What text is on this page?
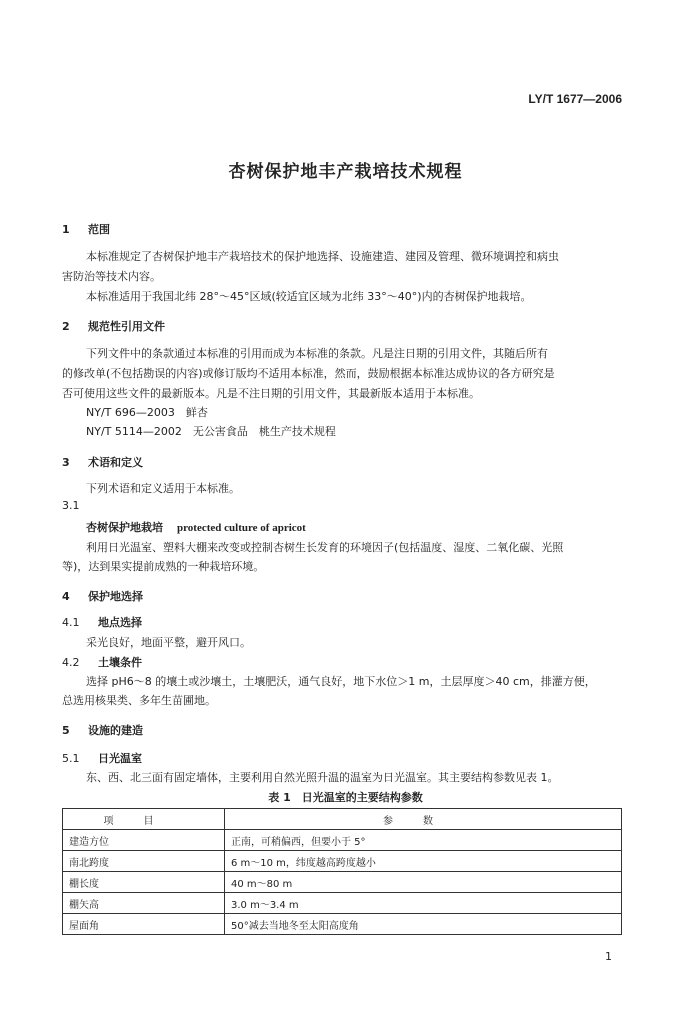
LY/T 1677—2006
杏树保护地丰产栽培技术规程
1 范围
本标准规定了杏树保护地丰产栽培技术的保护地选择、设施建造、建园及管理、微环境调控和病虫
害防治等技术内容。
本标准适用于我国北纬 28°～45°区域(较适宜区域为北纬 33°～40°)内的杏树保护地栽培。
2 规范性引用文件
下列文件中的条款通过本标准的引用而成为本标准的条款。凡是注日期的引用文件，其随后所有
的修改单(不包括勘误的内容)或修订版均不适用本标准，然而，鼓励根据本标准达成协议的各方研究是
否可使用这些文件的最新版本。凡是不注日期的引用文件，其最新版本适用于本标准。
NY/T 696—2003　鲜杏
NY/T 5114—2002　无公害食品　桃生产技术规程
3 术语和定义
下列术语和定义适用于本标准。
3.1
杏树保护地栽培 protected culture of apricot
利用日光温室、塑料大棚来改变或控制杏树生长发育的环境因子(包括温度、湿度、二氧化碳、光照
等)，达到果实提前成熟的一种栽培环境。
4 保护地选择
4.1 地点选择
采光良好，地面平整，避开风口。
4.2 土壤条件
选择 pH6～8 的壤土或沙壤土，土壤肥沃，通气良好，地下水位＞1 m，土层厚度＞40 cm，排灌方便，
总选用核果类、多年生苗圃地。
5 设施的建造
5.1 日光温室
东、西、北三面有固定墙体，主要利用自然光照升温的温室为日光温室。其主要结构参数见表 1。
表 1　日光温室的主要结构参数
项目	参数
建造方位	正南，可稍偏西，但要小于 5°
南北跨度	6 m～10 m，纬度越高跨度越小
棚长度	40 m～80 m
棚矢高	3.0 m～3.4 m
屋面角	50°减去当地冬至太阳高度角
1
